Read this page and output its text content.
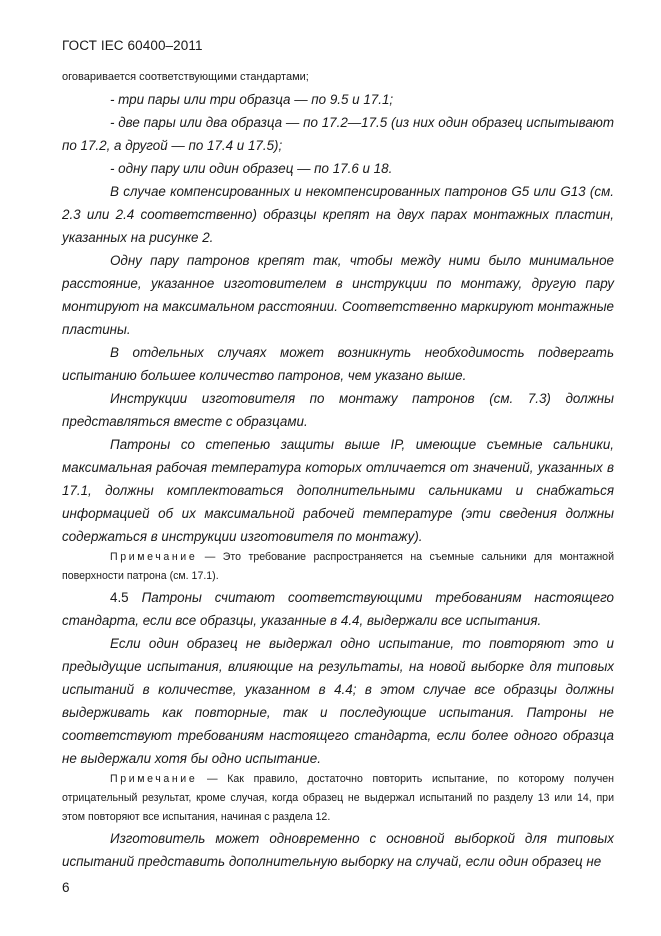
ГОСТ IEC 60400–2011

оговаривается соответствующими стандартами;

- три пары или три образца — по 9.5 и 17.1;

- две пары или два образца — по 17.2—17.5 (из них один образец испытывают по 17.2, а другой — по 17.4 и 17.5);

- одну пару или один образец — по 17.6 и 18.

В случае компенсированных и некомпенсированных патронов G5 или G13 (см. 2.3 или 2.4 соответственно) образцы крепят на двух парах монтажных пластин, указанных на рисунке 2.

Одну пару патронов крепят так, чтобы между ними было минимальное расстояние, указанное изготовителем в инструкции по монтажу, другую пару монтируют на максимальном расстоянии. Соответственно маркируют монтажные пластины.

В отдельных случаях может возникнуть необходимость подвергать испытанию большее количество патронов, чем указано выше.

Инструкции изготовителя по монтажу патронов (см. 7.3) должны представляться вместе с образцами.

Патроны со степенью защиты выше IP, имеющие съемные сальники, максимальная рабочая температура которых отличается от значений, указанных в 17.1, должны комплектоваться дополнительными сальниками и снабжаться информацией об их максимальной рабочей температуре (эти сведения должны содержаться в инструкции изготовителя по монтажу).

Примечание — Это требование распространяется на съемные сальники для монтажной поверхности патрона (см. 17.1).

4.5 Патроны считают соответствующими требованиям настоящего стандарта, если все образцы, указанные в 4.4, выдержали все испытания.

Если один образец не выдержал одно испытание, то повторяют это и предыдущие испытания, влияющие на результаты, на новой выборке для типовых испытаний в количестве, указанном в 4.4; в этом случае все образцы должны выдерживать как повторные, так и последующие испытания. Патроны не соответствуют требованиям настоящего стандарта, если более одного образца не выдержали хотя бы одно испытание.

Примечание — Как правило, достаточно повторить испытание, по которому получен отрицательный результат, кроме случая, когда образец не выдержал испытаний по разделу 13 или 14, при этом повторяют все испытания, начиная с раздела 12.

Изготовитель может одновременно с основной выборкой для типовых испытаний представить дополнительную выборку на случай, если один образец не

6
